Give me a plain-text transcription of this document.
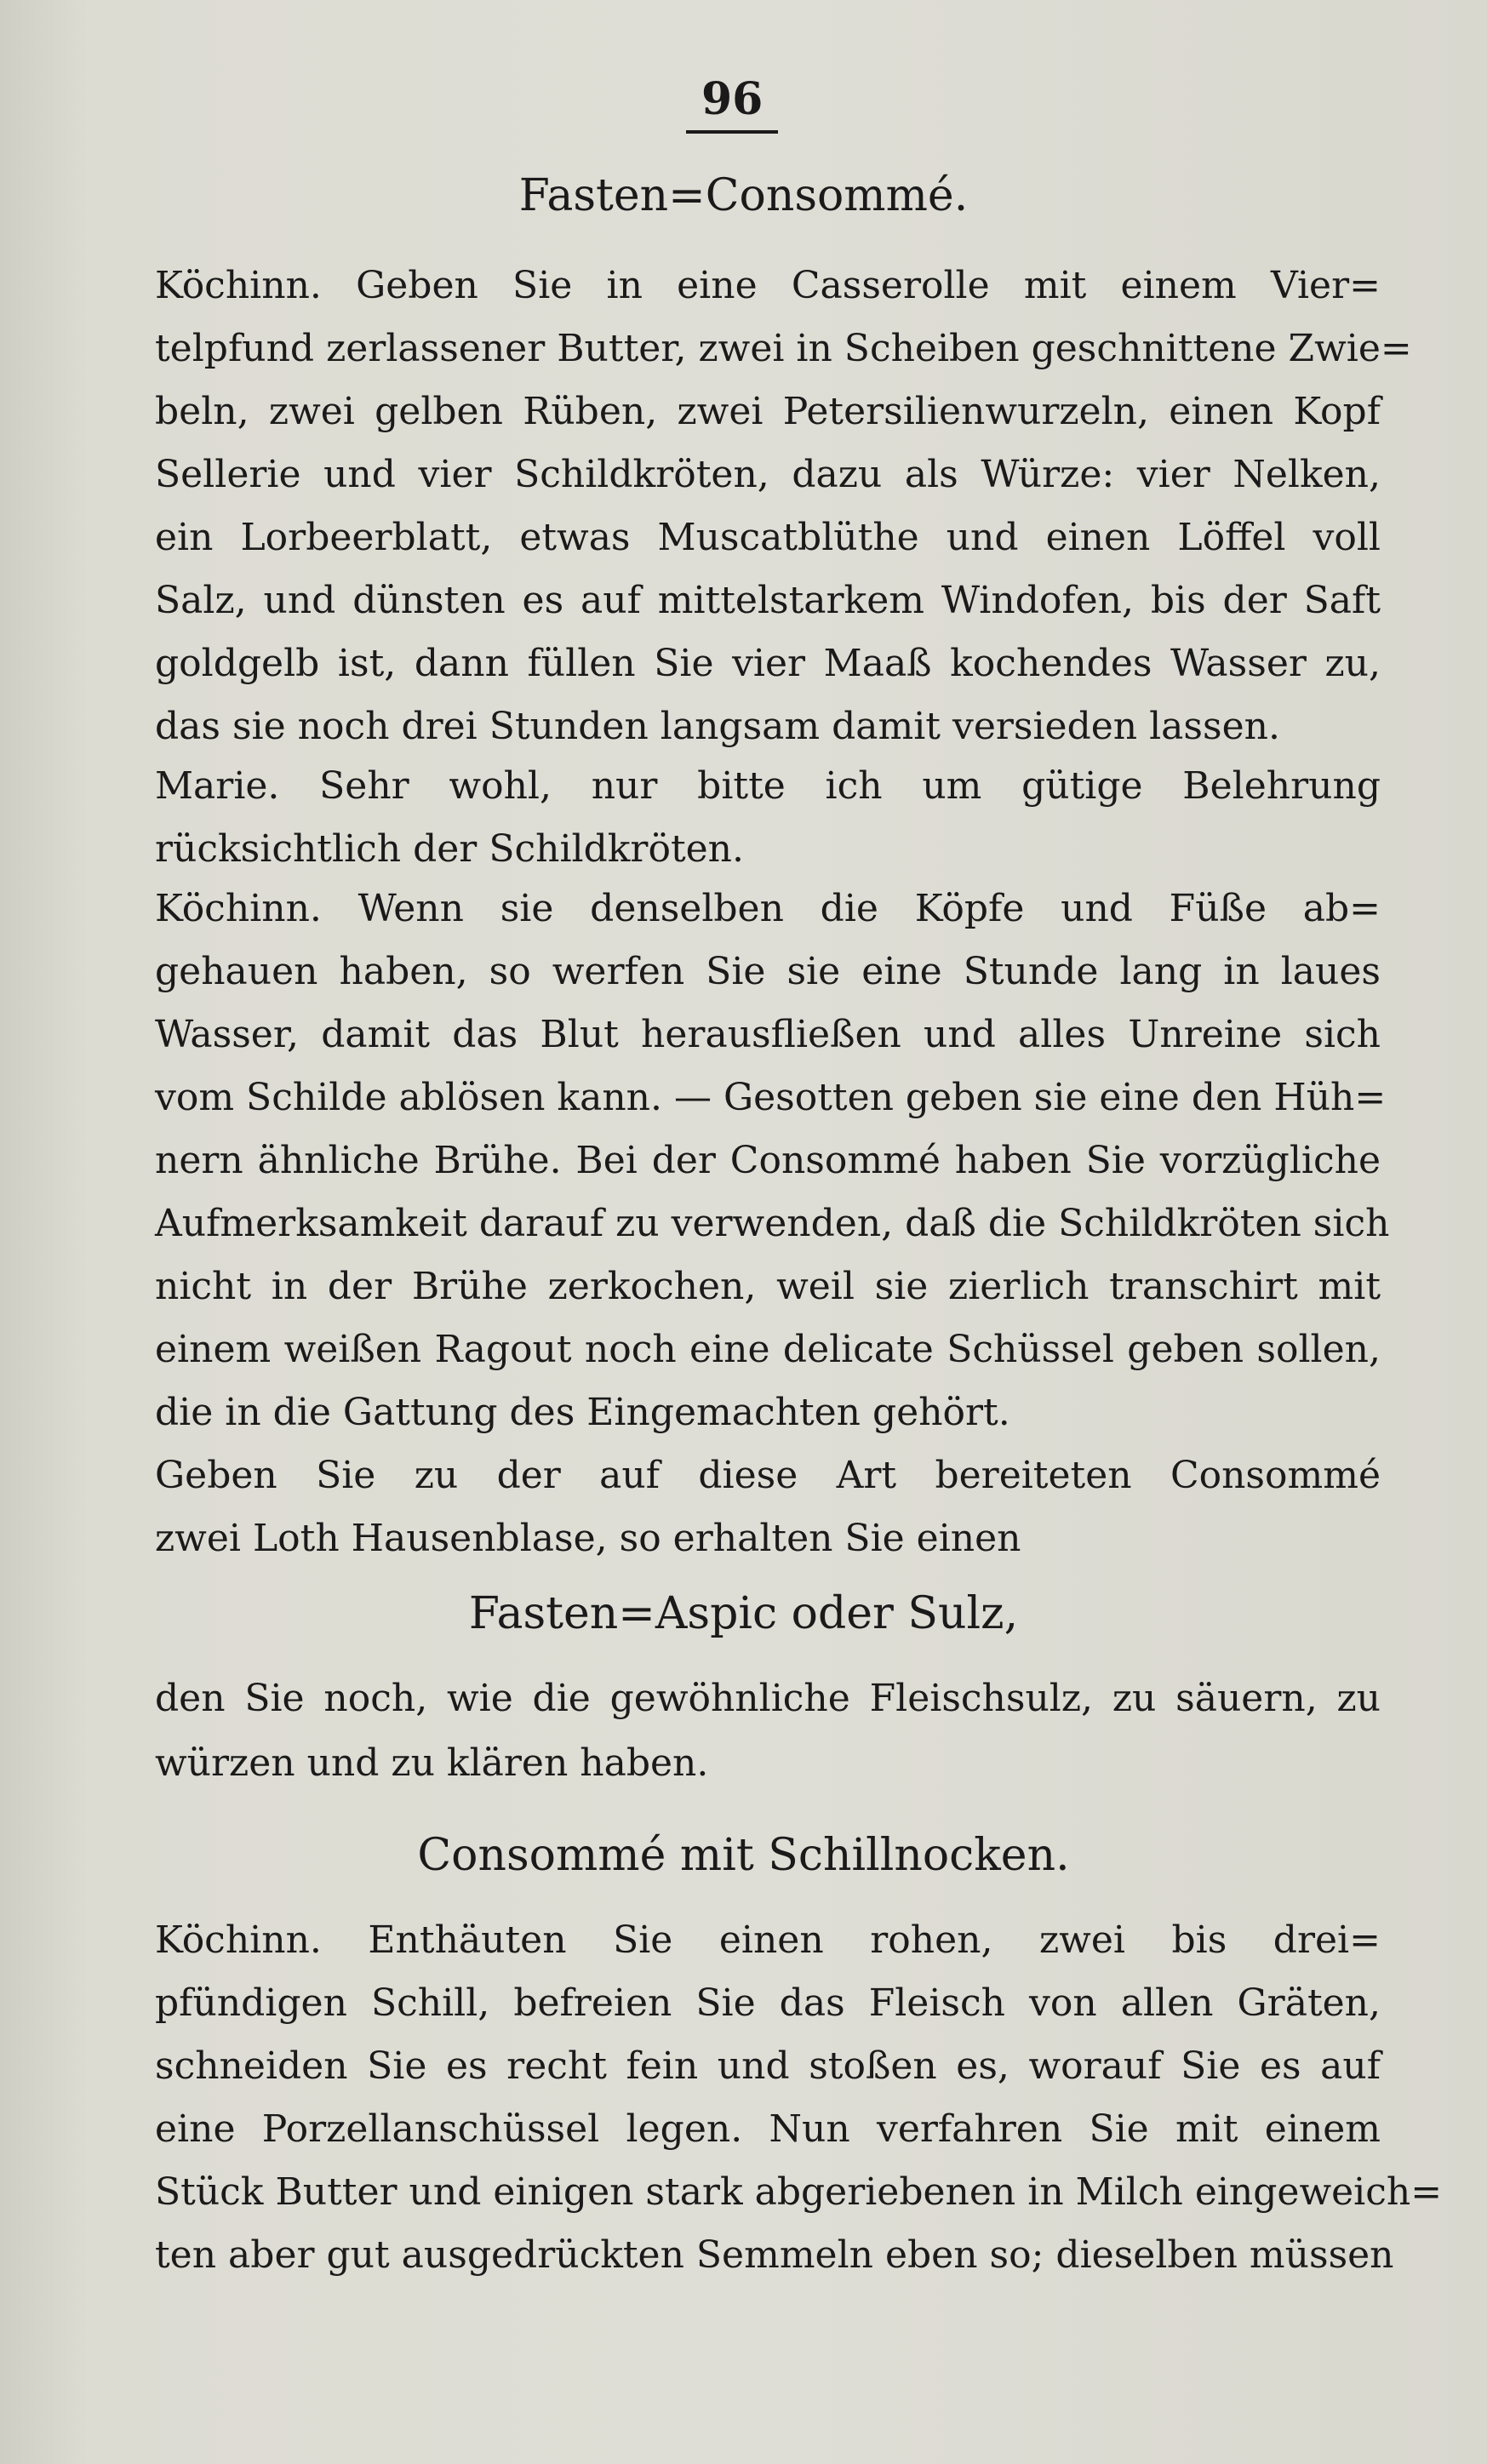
96
Fasten=Consommé.
Köchinn. Geben Sie in eine Casserolle mit einem Vier=
telpfund zerlassener Butter, zwei in Scheiben geschnittene Zwie=
beln, zwei gelben Rüben, zwei Petersilienwurzeln, einen Kopf
Sellerie und vier Schildkröten, dazu als Würze: vier Nelken,
ein Lorbeerblatt, etwas Muscatblüthe und einen Löffel voll
Salz, und dünsten es auf mittelstarkem Windofen, bis der Saft
goldgelb ist, dann füllen Sie vier Maaß kochendes Wasser zu,
das sie noch drei Stunden langsam damit versieden lassen.
Marie. Sehr wohl, nur bitte ich um gütige Belehrung
rücksichtlich der Schildkröten.
Köchinn. Wenn sie denselben die Köpfe und Füße ab=
gehauen haben, so werfen Sie sie eine Stunde lang in laues
Wasser, damit das Blut herausfließen und alles Unreine sich
vom Schilde ablösen kann. — Gesotten geben sie eine den Hüh=
nern ähnliche Brühe. Bei der Consommé haben Sie vorzügliche
Aufmerksamkeit darauf zu verwenden, daß die Schildkröten sich
nicht in der Brühe zerkochen, weil sie zierlich transchirt mit
einem weißen Ragout noch eine delicate Schüssel geben sollen,
die in die Gattung des Eingemachten gehört.
Geben Sie zu der auf diese Art bereiteten Consommé
zwei Loth Hausenblase, so erhalten Sie einen
Fasten=Aspic oder Sulz,
den Sie noch, wie die gewöhnliche Fleischsulz, zu säuern, zu
würzen und zu klären haben.
Consommé mit Schillnocken.
Köchinn. Enthäuten Sie einen rohen, zwei bis drei=
pfündigen Schill, befreien Sie das Fleisch von allen Gräten,
schneiden Sie es recht fein und stoßen es, worauf Sie es auf
eine Porzellanschüssel legen. Nun verfahren Sie mit einem
Stück Butter und einigen stark abgeriebenen in Milch eingeweich=
ten aber gut ausgedrückten Semmeln eben so; dieselben müssen
